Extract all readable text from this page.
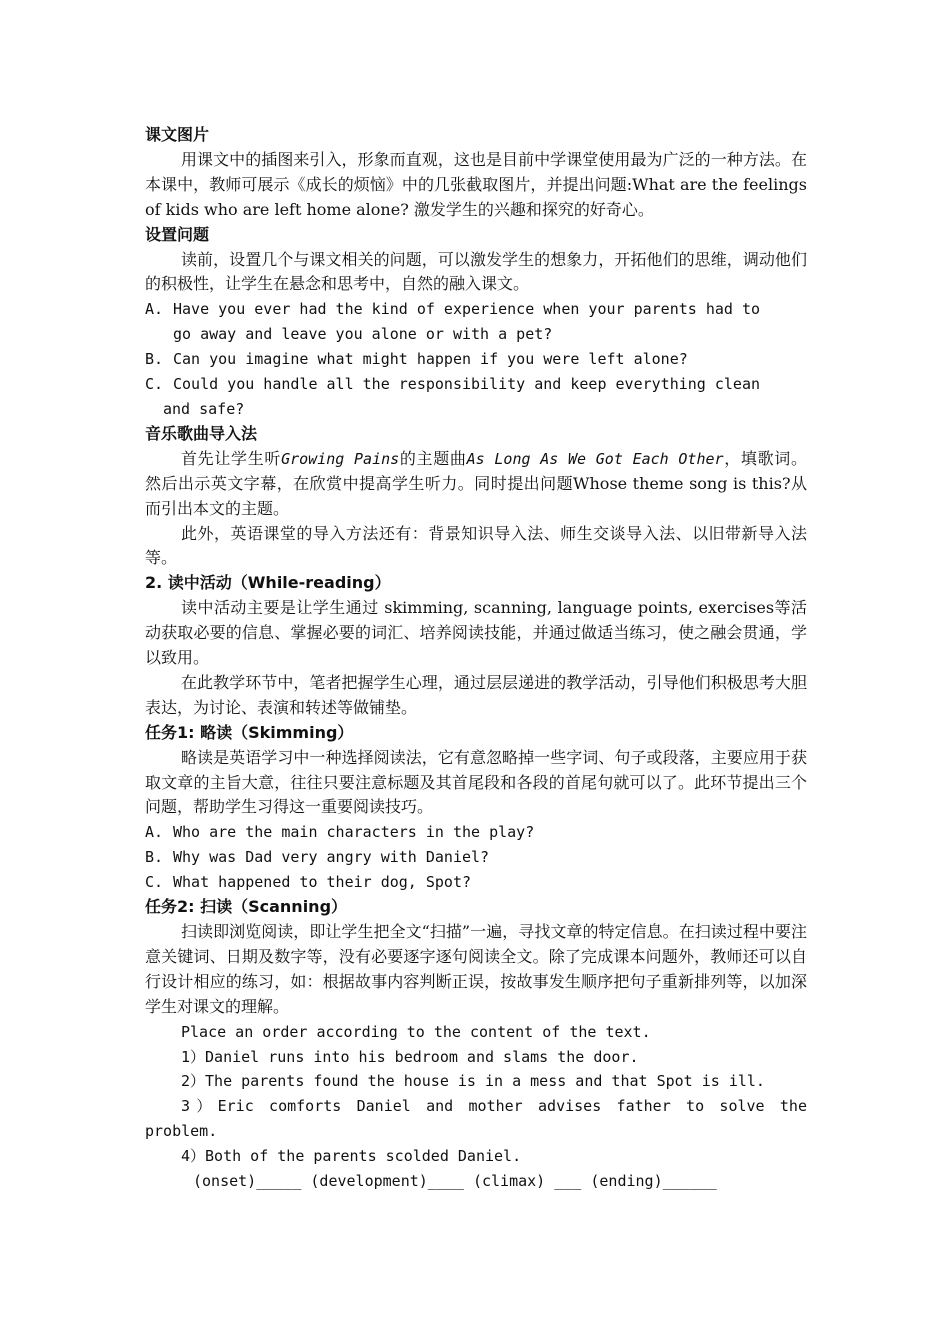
课文图片
用课文中的插图来引入，形象而直观，这也是目前中学课堂使用最为广泛的一种方法。在本课中，教师可展示《成长的烦恼》中的几张截取图片，并提出问题:What are the feelings of kids who are left home alone? 激发学生的兴趣和探究的好奇心。
设置问题
读前，设置几个与课文相关的问题，可以激发学生的想象力，开拓他们的思维，调动他们的积极性，让学生在悬念和思考中，自然的融入课文。
A. Have you ever had the kind of experience when your parents had to
go away and leave you alone or with a pet?
B. Can you imagine what might happen if you were left alone?
C. Could you handle all the responsibility and keep everything clean
and safe?
音乐歌曲导入法
首先让学生听Growing Pains的主题曲As Long As We Got Each Other，填歌词。然后出示英文字幕，在欣赏中提高学生听力。同时提出问题Whose theme song is this?从而引出本文的主题。
此外，英语课堂的导入方法还有：背景知识导入法、师生交谈导入法、以旧带新导入法等。
2. 读中活动（While-reading）
读中活动主要是让学生通过 skimming, scanning, language points, exercises等活动获取必要的信息、掌握必要的词汇、培养阅读技能，并通过做适当练习，使之融会贯通，学以致用。
在此教学环节中，笔者把握学生心理，通过层层递进的教学活动，引导他们积极思考大胆表达，为讨论、表演和转述等做铺垫。
任务1: 略读（Skimming）
略读是英语学习中一种选择阅读法，它有意忽略掉一些字词、句子或段落，主要应用于获取文章的主旨大意，往往只要注意标题及其首尾段和各段的首尾句就可以了。此环节提出三个问题，帮助学生习得这一重要阅读技巧。
A. Who are the main characters in the play?
B. Why was Dad very angry with Daniel?
C. What happened to their dog, Spot?
任务2: 扫读（Scanning）
扫读即浏览阅读，即让学生把全文“扫描”一遍，寻找文章的特定信息。在扫读过程中要注意关键词、日期及数字等，没有必要逐字逐句阅读全文。除了完成课本问题外，教师还可以自行设计相应的练习，如：根据故事内容判断正误，按故事发生顺序把句子重新排列等，以加深学生对课文的理解。
Place an order according to the content of the text.
1）Daniel runs into his bedroom and slams the door.
2）The parents found the house is in a mess and that Spot is ill.
3）Eric comforts Daniel and mother advises father to solve the problem.
4）Both of the parents scolded Daniel.
(onset)_____ (development)____ (climax) ___ (ending)______
